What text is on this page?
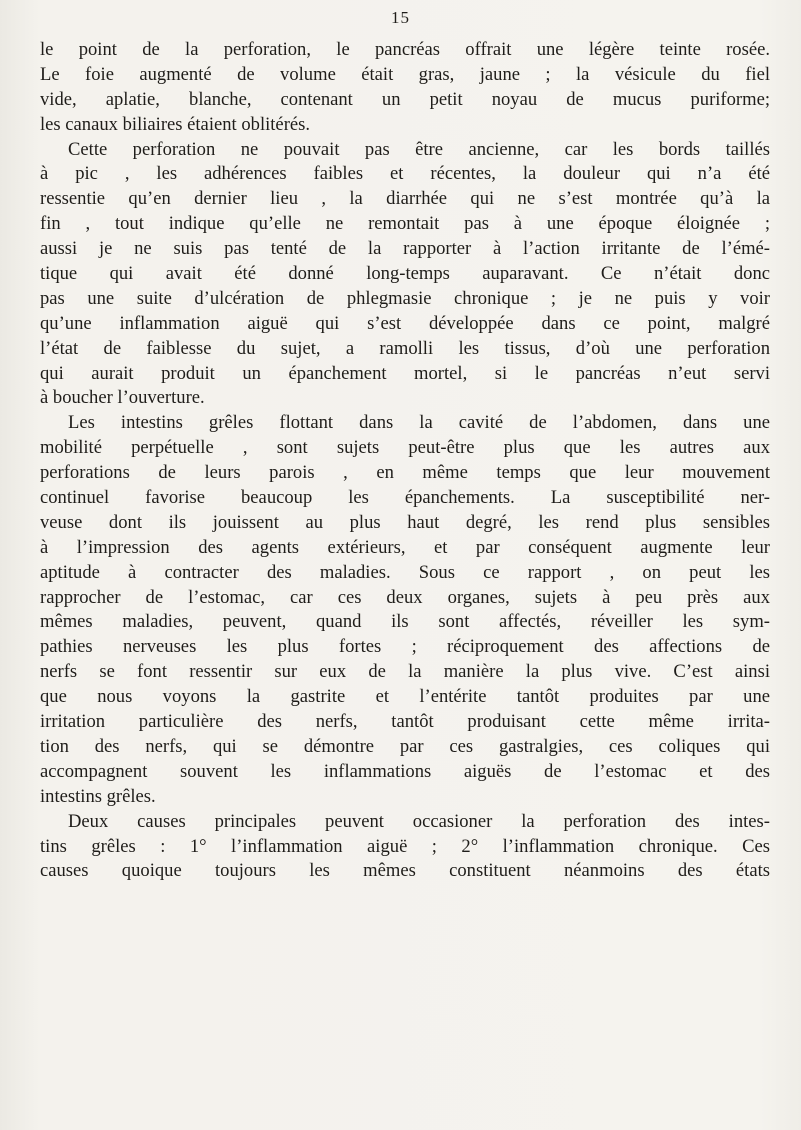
15
le point de la perforation, le pancréas offrait une légère teinte rosée.
Le foie augmenté de volume était gras, jaune ; la vésicule du fiel
vide, aplatie, blanche, contenant un petit noyau de mucus puriforme;
les canaux biliaires étaient oblitérés.
Cette perforation ne pouvait pas être ancienne, car les bords taillés
à pic , les adhérences faibles et récentes, la douleur qui n’a été
ressentie qu’en dernier lieu , la diarrhée qui ne s’est montrée qu’à la
fin , tout indique qu’elle ne remontait pas à une époque éloignée ;
aussi je ne suis pas tenté de la rapporter à l’action irritante de l’émé-
tique qui avait été donné long-temps auparavant. Ce n’était donc
pas une suite d’ulcération de phlegmasie chronique ; je ne puis y voir
qu’une inflammation aiguë qui s’est développée dans ce point, malgré
l’état de faiblesse du sujet, a ramolli les tissus, d’où une perforation
qui aurait produit un épanchement mortel, si le pancréas n’eut servi
à boucher l’ouverture.
Les intestins grêles flottant dans la cavité de l’abdomen, dans une
mobilité perpétuelle , sont sujets peut-être plus que les autres aux
perforations de leurs parois , en même temps que leur mouvement
continuel favorise beaucoup les épanchements. La susceptibilité ner-
veuse dont ils jouissent au plus haut degré, les rend plus sensibles
à l’impression des agents extérieurs, et par conséquent augmente leur
aptitude à contracter des maladies. Sous ce rapport , on peut les
rapprocher de l’estomac, car ces deux organes, sujets à peu près aux
mêmes maladies, peuvent, quand ils sont affectés, réveiller les sym-
pathies nerveuses les plus fortes ; réciproquement des affections de
nerfs se font ressentir sur eux de la manière la plus vive. C’est ainsi
que nous voyons la gastrite et l’entérite tantôt produites par une
irritation particulière des nerfs, tantôt produisant cette même irrita-
tion des nerfs, qui se démontre par ces gastralgies, ces coliques qui
accompagnent souvent les inflammations aiguës de l’estomac et des
intestins grêles.
Deux causes principales peuvent occasioner la perforation des intes-
tins grêles : 1° l’inflammation aiguë ; 2° l’inflammation chronique. Ces
causes quoique toujours les mêmes constituent néanmoins des états
